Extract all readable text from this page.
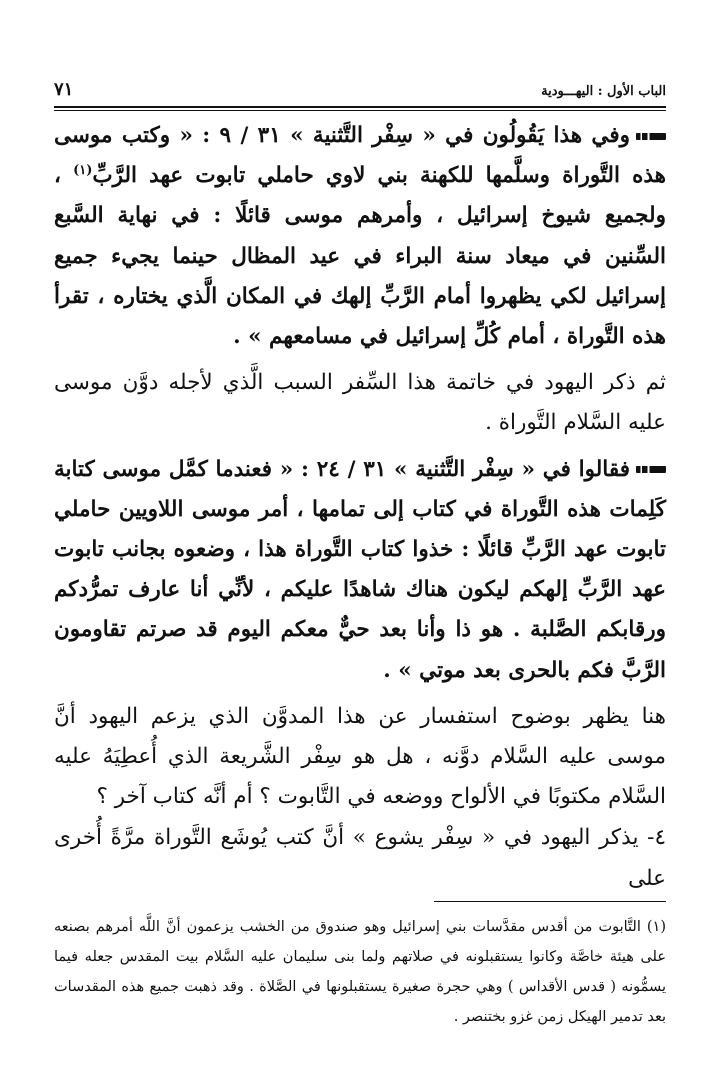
٧١	الباب الأول : اليهـــودية

وفي هذا يَقُولُون في « سِفْر التَّثنية » ٣١ / ٩ : « وكتب موسى هذه التَّوراة وسلَّمها للكهنة بني لاوي حاملي تابوت عهد الرَّبِّ$^{(١)}$ ، ولجميع شيوخ إسرائيل ، وأمرهم موسى قائلًا : في نهاية السَّبع السِّنين في ميعاد سنة البراء في عيد المظال حينما يجيء جميع إسرائيل لكي يظهروا أمام الرَّبِّ إلهك في المكان الَّذي يختاره ، تقرأ هذه التَّوراة ، أمام كُلِّ إسرائيل في مسامعهم » .

ثم ذكر اليهود في خاتمة هذا السِّفر السبب الَّذي لأجله دوَّن موسى عليه السَّلام التَّوراة .

فقالوا في « سِفْر التَّثنية » ٣١ / ٢٤ : « فعندما كمَّل موسى كتابة كَلِمات هذه التَّوراة في كتاب إلى تمامها ، أمر موسى اللاويين حاملي تابوت عهد الرَّبِّ قائلًا : خذوا كتاب التَّوراة هذا ، وضعوه بجانب تابوت عهد الرَّبِّ إلهكم ليكون هناك شاهدًا عليكم ، لأنِّي أنا عارف تمرُّدكم ورقابكم الصَّلبة . هو ذا وأنا بعد حيٌّ معكم اليوم قد صرتم تقاومون الرَّبَّ فكم بالحرى بعد موتي » .

هنا يظهر بوضوح استفسار عن هذا المدوَّن الذي يزعم اليهود أنَّ موسى عليه السَّلام دوَّنه ، هل هو سِفْر الشَّريعة الذي أُعطِيَهُ عليه السَّلام مكتوبًا في الألواح ووضعه في التَّابوت ؟ أم أنَّه كتاب آخر ؟

٤- يذكر اليهود في « سِفْر يشوع » أنَّ كتب يُوشَع التَّوراة مرَّةً أُخرى على

(١) التَّابوت من أقدس مقدَّسات بني إسرائيل وهو صندوق من الخشب يزعمون أنَّ اللَّه أمرهم بصنعه على هيئة خاصَّة وكانوا يستقبلونه في صلاتهم ولما بنى سليمان عليه السَّلام بيت المقدس جعله فيما يسمُّونه ( قدس الأقداس ) وهي حجرة صغيرة يستقبلونها في الصَّلاة . وقد ذهبت جميع هذه المقدسات بعد تدمير الهيكل زمن غزو بختنصر .
